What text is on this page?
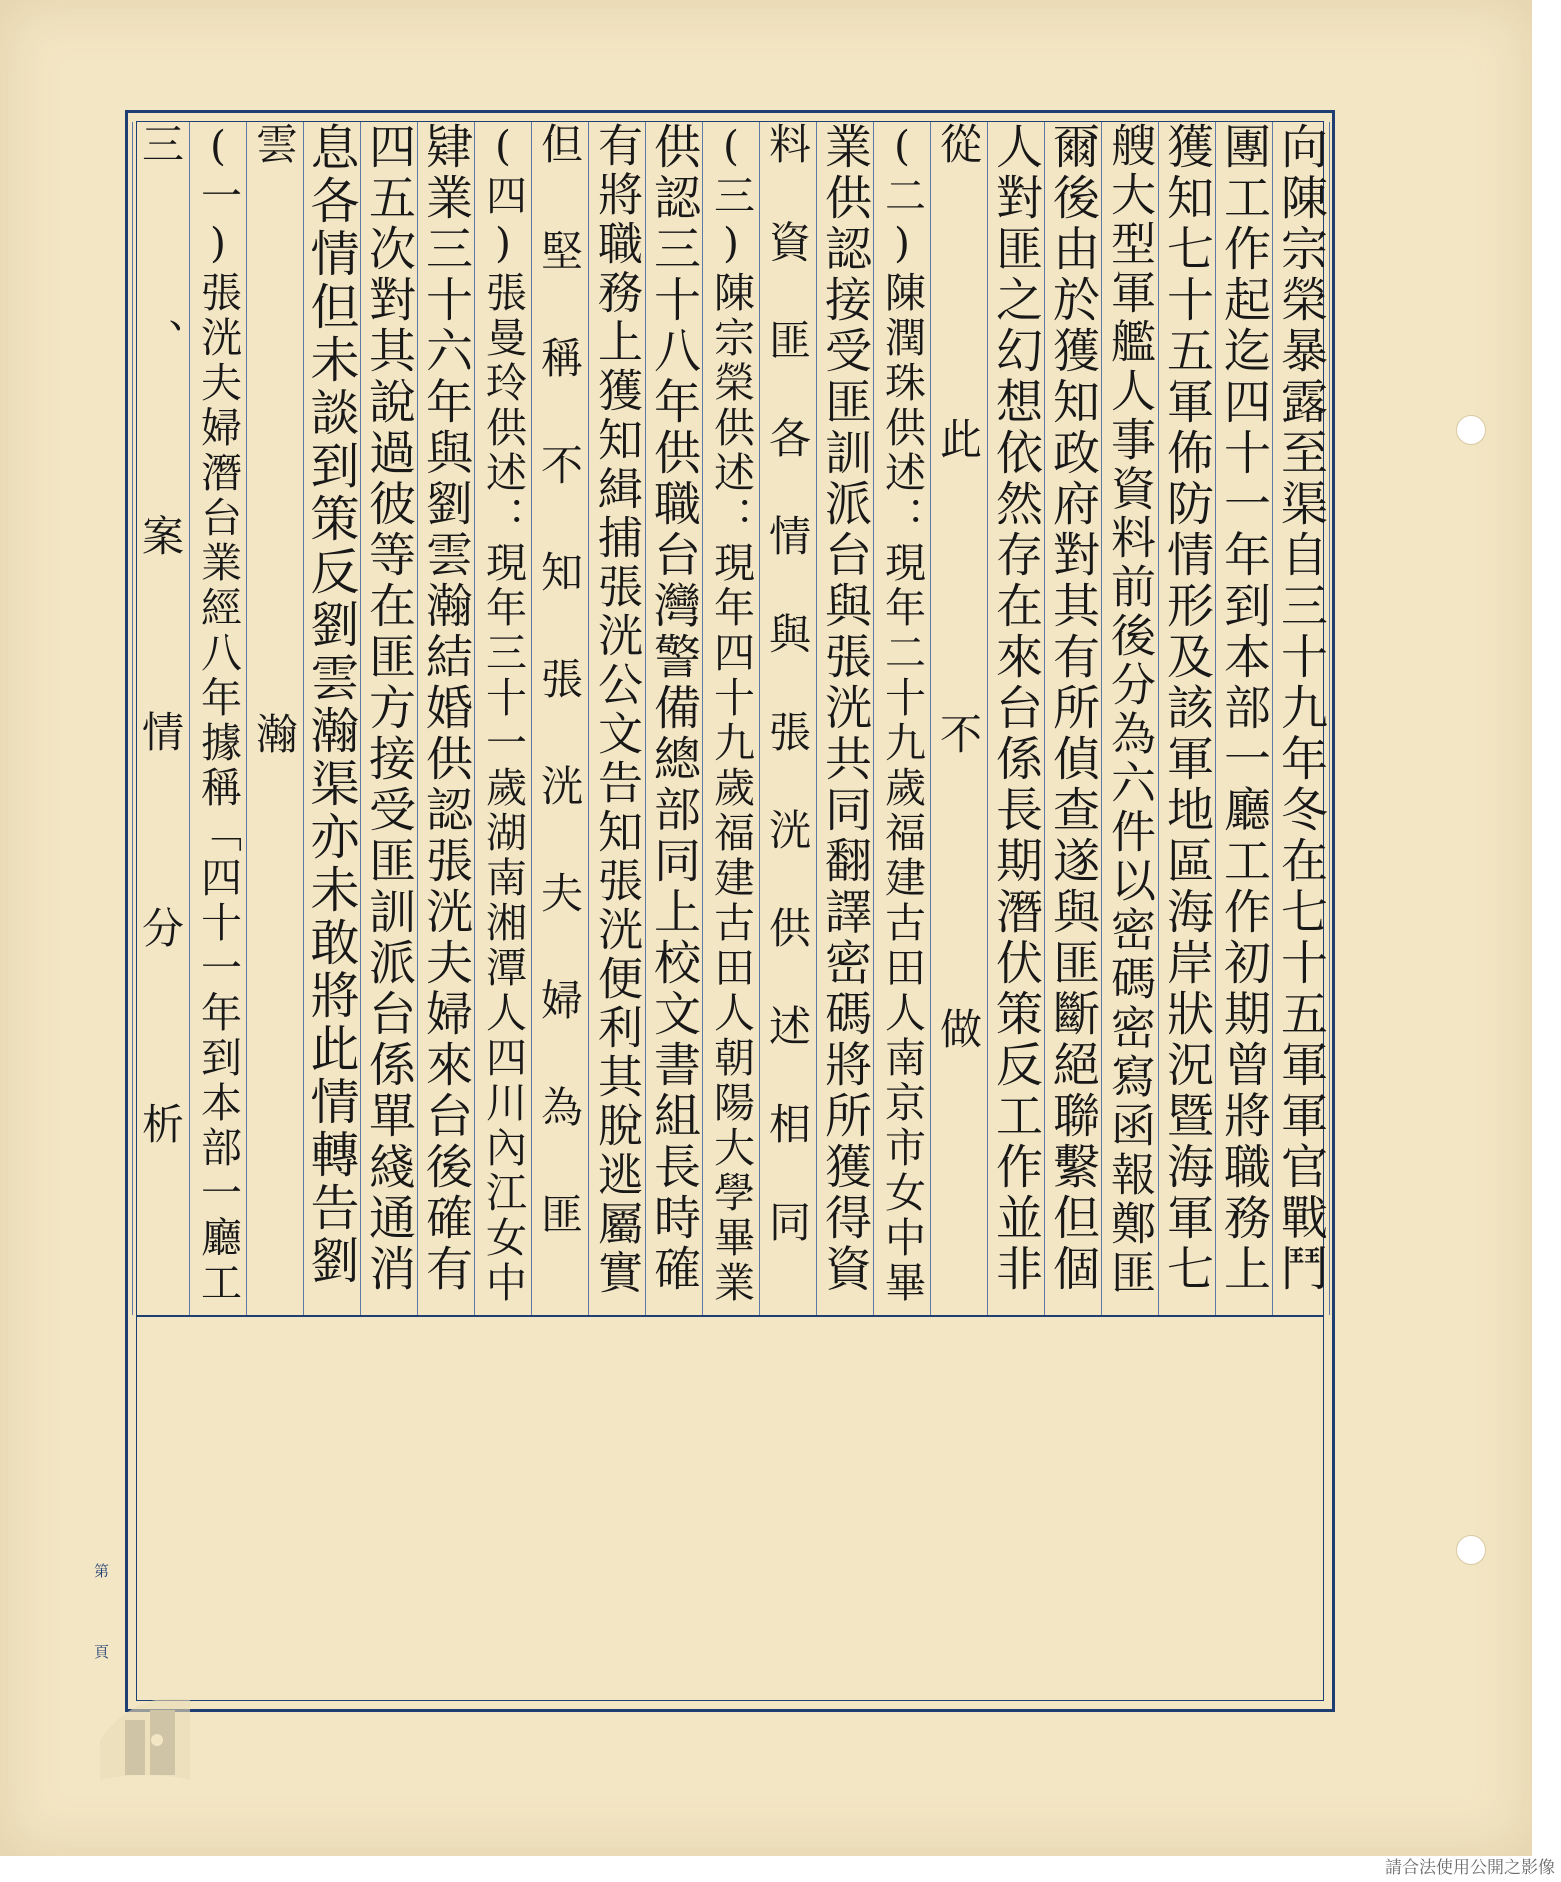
向陳宗榮暴露至渠自三十九年冬在七十五軍軍官戰鬥
團工作起迄四十一年到本部一廳工作初期曾將職務上
獲知七十五軍佈防情形及該軍地區海岸狀況暨海軍七
艘大型軍艦人事資料前後分為六件以密碼密寫函報鄭匪
爾後由於獲知政府對其有所偵查遂與匪斷絕聯繫但個
人對匪之幻想依然存在來台係長期潛伏策反工作並非
從此不做
(二)陳潤珠供述：現年二十九歲福建古田人南京市女中畢
業供認接受匪訓派台與張洸共同翻譯密碼將所獲得資
料資匪各情與張洸供述相同
(三)陳宗榮供述：現年四十九歲福建古田人朝陽大學畢業
供認三十八年供職台灣警備總部同上校文書組長時確
有將職務上獲知緝捕張洸公文告知張洸便利其脫逃屬實
但堅稱不知張洸夫婦為匪
(四)張曼玲供述：現年三十一歲湖南湘潭人四川內江女中
肄業三十六年與劉雲瀚結婚供認張洸夫婦來台後確有
四五次對其說過彼等在匪方接受匪訓派台係單綫通消
息各情但未談到策反劉雲瀚渠亦未敢將此情轉告劉
雲瀚
(一)張洸夫婦潛台業經八年據稱「四十一年到本部一廳工
三、案情分析
第
頁
請合法使用公開之影像
